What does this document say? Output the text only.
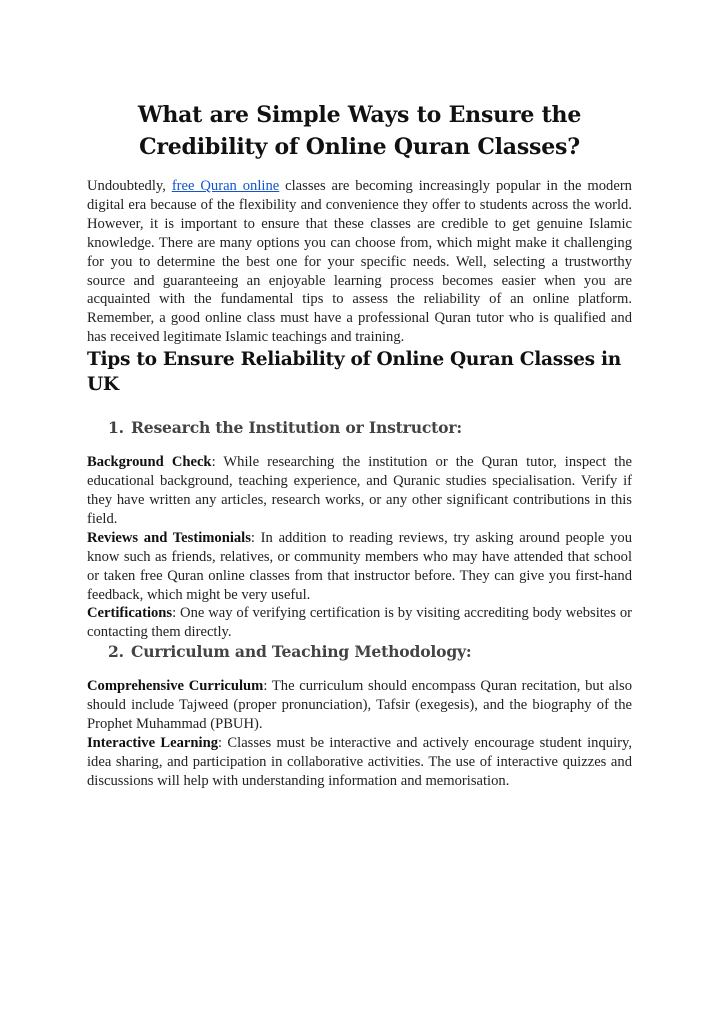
What are Simple Ways to Ensure the Credibility of Online Quran Classes?

Undoubtedly, free Quran online classes are becoming increasingly popular in the modern digital era because of the flexibility and convenience they offer to students across the world. However, it is important to ensure that these classes are credible to get genuine Islamic knowledge. There are many options you can choose from, which might make it challenging for you to determine the best one for your specific needs. Well, selecting a trustworthy source and guaranteeing an enjoyable learning process becomes easier when you are acquainted with the fundamental tips to assess the reliability of an online platform. Remember, a good online class must have a professional Quran tutor who is qualified and has received legitimate Islamic teachings and training.

Tips to Ensure Reliability of Online Quran Classes in UK
1. Research the Institution or Instructor:

Background Check: While researching the institution or the Quran tutor, inspect the educational background, teaching experience, and Quranic studies specialisation. Verify if they have written any articles, research works, or any other significant contributions in this field.

Reviews and Testimonials: In addition to reading reviews, try asking around people you know such as friends, relatives, or community members who may have attended that school or taken free Quran online classes from that instructor before. They can give you first-hand feedback, which might be very useful.

Certifications: One way of verifying certification is by visiting accrediting body websites or contacting them directly.

2. Curriculum and Teaching Methodology:

Comprehensive Curriculum: The curriculum should encompass Quran recitation, but also should include Tajweed (proper pronunciation), Tafsir (exegesis), and the biography of the Prophet Muhammad (PBUH).

Interactive Learning: Classes must be interactive and actively encourage student inquiry, idea sharing, and participation in collaborative activities. The use of interactive quizzes and discussions will help with understanding information and memorisation.
